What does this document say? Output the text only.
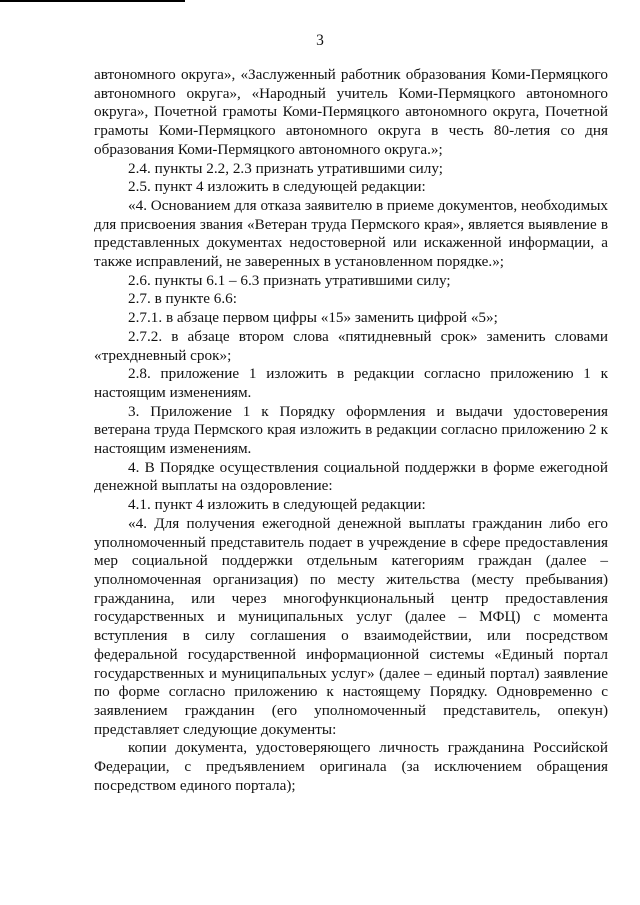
3

автономного округа», «Заслуженный работник образования Коми-Пермяцкого автономного округа», «Народный учитель Коми-Пермяцкого автономного округа», Почетной грамоты Коми-Пермяцкого автономного округа, Почетной грамоты Коми-Пермяцкого автономного округа в честь 80-летия со дня образования Коми-Пермяцкого автономного округа.»;

2.4. пункты 2.2, 2.3 признать утратившими силу;

2.5. пункт 4 изложить в следующей редакции:

«4. Основанием для отказа заявителю в приеме документов, необходимых для присвоения звания «Ветеран труда Пермского края», является выявление в представленных документах недостоверной или искаженной информации, а также исправлений, не заверенных в установленном порядке.»;

2.6. пункты 6.1 – 6.3 признать утратившими силу;

2.7. в пункте 6.6:

2.7.1. в абзаце первом цифры «15» заменить цифрой «5»;

2.7.2. в абзаце втором слова «пятидневный срок» заменить словами «трехдневный срок»;

2.8. приложение 1 изложить в редакции согласно приложению 1 к настоящим изменениям.

3. Приложение 1 к Порядку оформления и выдачи удостоверения ветерана труда Пермского края изложить в редакции согласно приложению 2 к настоящим изменениям.

4. В Порядке осуществления социальной поддержки в форме ежегодной денежной выплаты на оздоровление:

4.1. пункт 4 изложить в следующей редакции:

«4. Для получения ежегодной денежной выплаты гражданин либо его уполномоченный представитель подает в учреждение в сфере предоставления мер социальной поддержки отдельным категориям граждан (далее – уполномоченная организация) по месту жительства (месту пребывания) гражданина, или через многофункциональный центр предоставления государственных и муниципальных услуг (далее – МФЦ) с момента вступления в силу соглашения о взаимодействии, или посредством федеральной государственной информационной системы «Единый портал государственных и муниципальных услуг» (далее – единый портал) заявление по форме согласно приложению к настоящему Порядку. Одновременно с заявлением гражданин (его уполномоченный представитель, опекун) представляет следующие документы:

копии документа, удостоверяющего личность гражданина Российской Федерации, с предъявлением оригинала (за исключением обращения посредством единого портала);
